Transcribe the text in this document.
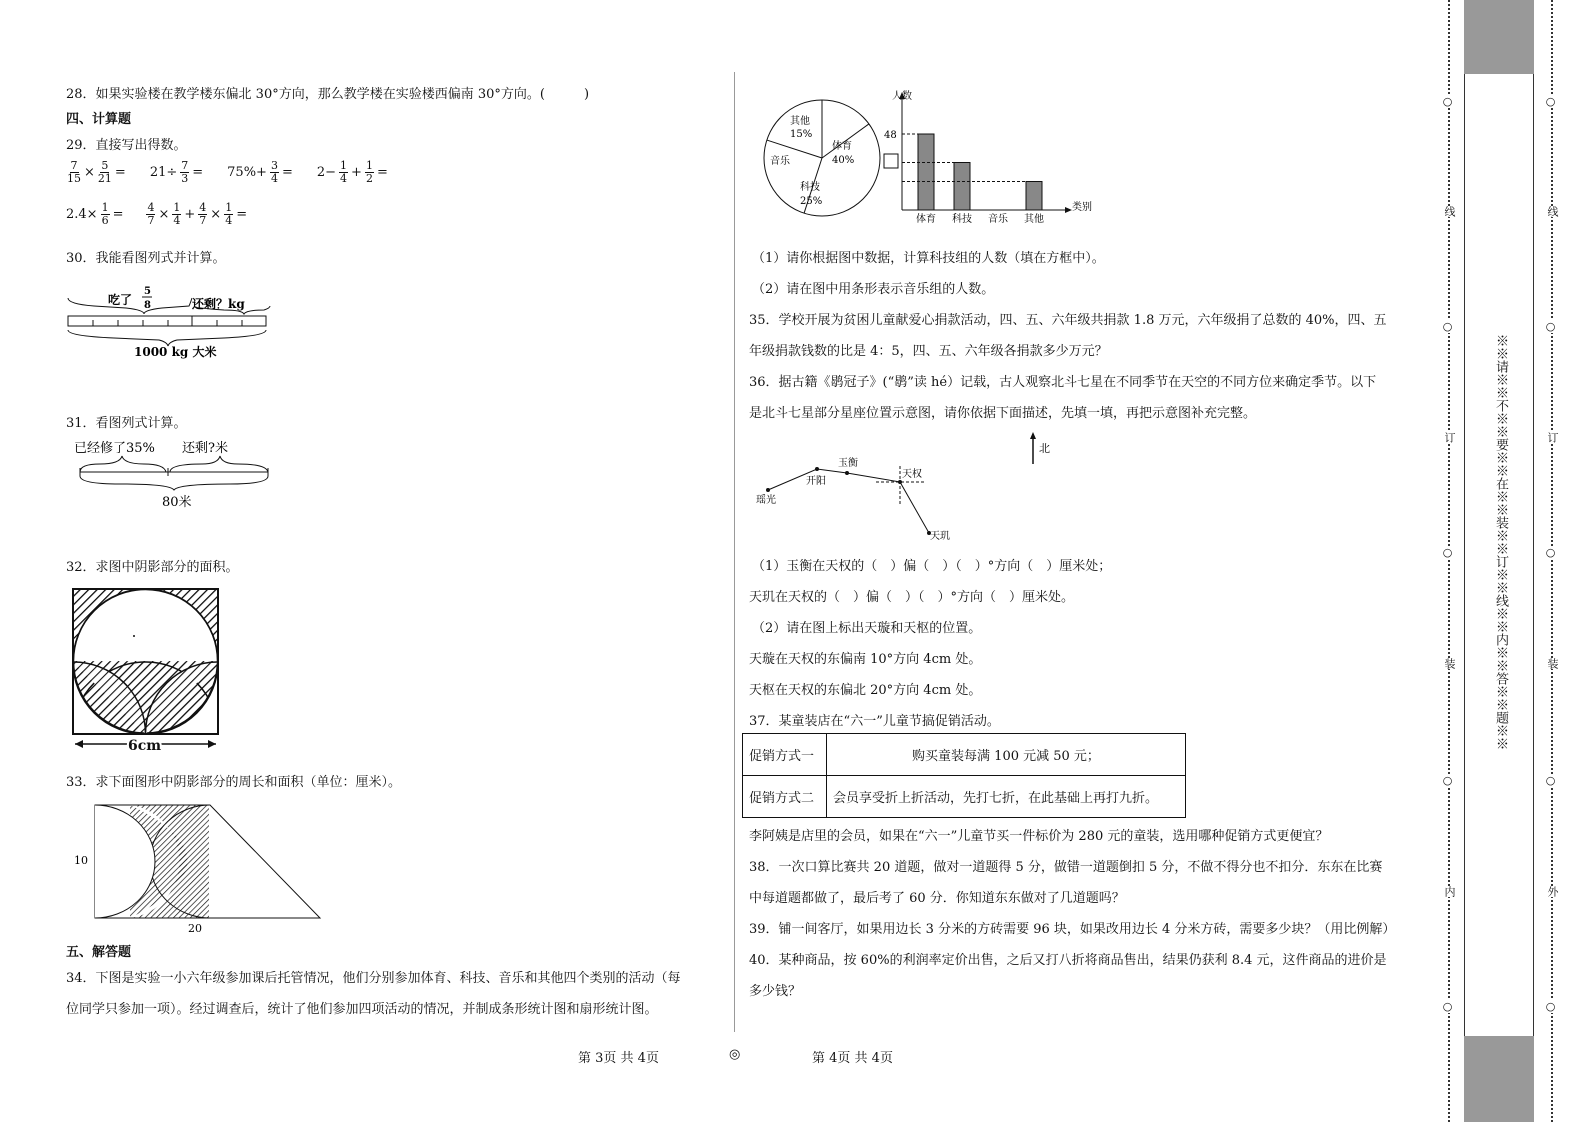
28．如果实验楼在教学楼东偏北 30°方向，那么教学楼在实验楼西偏南 30°方向。(　　　)
四、计算题
29．直接写出得数。
$\frac{7}{15} \times \frac{5}{21} = 21\div \frac{7}{3} = 75\%+ \frac{3}{4} = 2- \frac{1}{4} + \frac{1}{2}$ =
$2.4\times \frac{1}{6} = \frac{4}{7} \times \frac{1}{4} + \frac{4}{7} \times \frac{1}{4}$ =
30．我能看图列式并计算。
吃了
5
8	还剩？kg
1000 kg 大米
31．看图列式计算。
已经修了35% 还剩?米
80米
32．求图中阴影部分的面积。
6cm
33．求下面图形中阴影部分的周长和面积（单位：厘米）。
10
20
五、解答题
34．下图是实验一小六年级参加课后托管情况，他们分别参加体育、科技、音乐和其他四个类别的活动（每
位同学只参加一项）。经过调查后，统计了他们参加四项活动的情况，并制成条形统计图和扇形统计图。
其他
15%
体育
40%
科技
25%
音乐
人数
类别
48
体育 科技 音乐 其他
（1）请你根据图中数据，计算科技组的人数（填在方框中）。
（2）请在图中用条形表示音乐组的人数。
35．学校开展为贫困儿童献爱心捐款活动，四、五、六年级共捐款 1.8 万元，六年级捐了总数的 40%，四、五
年级捐款钱数的比是 4：5，四、五、六年级各捐款多少万元？
36．据古籍《鹖冠子》(“鹖”读 hé）记载，古人观察北斗七星在不同季节在天空的不同方位来确定季节。以下
是北斗七星部分星座位置示意图，请你依据下面描述，先填一填，再把示意图补充完整。
北
瑶光
开阳
玉衡
天权
天玑
（1）玉衡在天权的（　）偏（　）（　）°方向（　）厘米处；
天玑在天权的（　）偏（　）（　）°方向（　）厘米处。
（2）请在图上标出天璇和天枢的位置。
天璇在天权的东偏南 10°方向 4cm 处。
天枢在天权的东偏北 20°方向 4cm 处。
37．某童装店在“六一”儿童节搞促销活动。
促销方式一	购买童装每满 100 元减 50 元；
促销方式二	会员享受折上折活动，先打七折，在此基础上再打九折。
李阿姨是店里的会员，如果在“六一”儿童节买一件标价为 280 元的童装，选用哪种促销方式更便宜？
38．一次口算比赛共 20 道题，做对一道题得 5 分，做错一道题倒扣 5 分，不做不得分也不扣分．东东在比赛
中每道题都做了，最后考了 60 分．你知道东东做对了几道题吗？
39．铺一间客厅，如果用边长 3 分米的方砖需要 96 块，如果改用边长 4 分米方砖，需要多少块？（用比例解）
40．某种商品，按 60%的利润率定价出售，之后又打八折将商品售出，结果仍获利 8.4 元，这件商品的进价是
多少钱？
第 3页 共 4页	◎	第 4页 共 4页
※※请※※不※※要※※在※※装※※订※※线※※内※※答※※题※※
○
线
○
订
○
装
○
内
○
○
线
○
订
○
装
○
外
○
